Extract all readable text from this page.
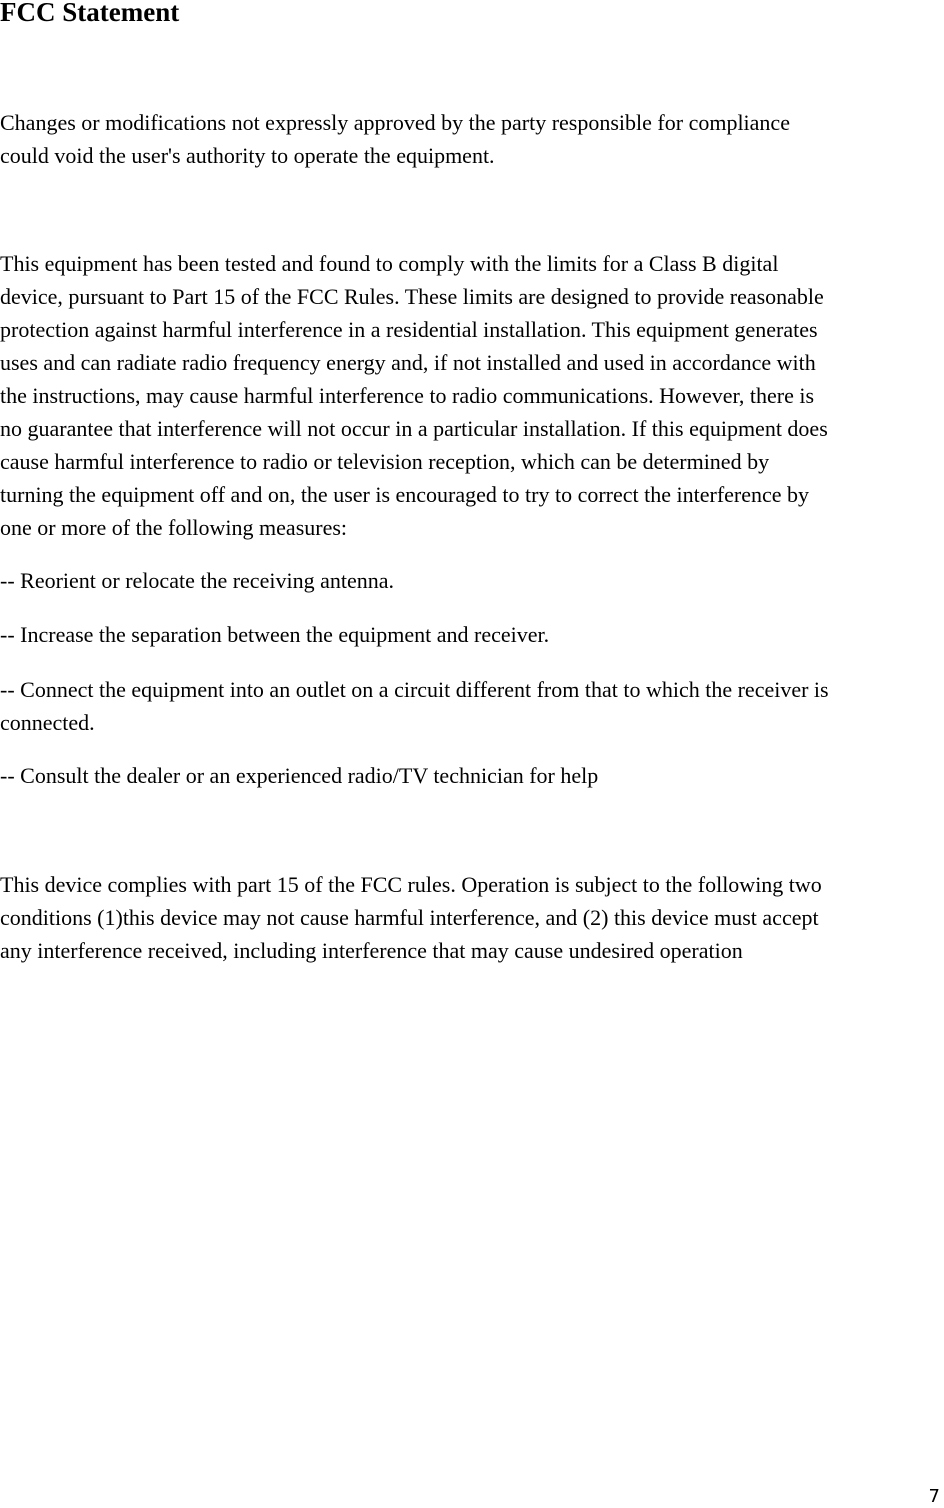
FCC Statement

Changes or modifications not expressly approved by the party responsible for compliance
could void the user's authority to operate the equipment.

This equipment has been tested and found to comply with the limits for a Class B digital
device, pursuant to Part 15 of the FCC Rules. These limits are designed to provide reasonable
protection against harmful interference in a residential installation. This equipment generates
uses and can radiate radio frequency energy and, if not installed and used in accordance with
the instructions, may cause harmful interference to radio communications. However, there is
no guarantee that interference will not occur in a particular installation. If this equipment does
cause harmful interference to radio or television reception, which can be determined by
turning the equipment off and on, the user is encouraged to try to correct the interference by
one or more of the following measures:

-- Reorient or relocate the receiving antenna.

-- Increase the separation between the equipment and receiver.

-- Connect the equipment into an outlet on a circuit different from that to which the receiver is
connected.

-- Consult the dealer or an experienced radio/TV technician for help

This device complies with part 15 of the FCC rules. Operation is subject to the following two
conditions (1)this device may not cause harmful interference, and (2) this device must accept
any interference received, including interference that may cause undesired operation

7
